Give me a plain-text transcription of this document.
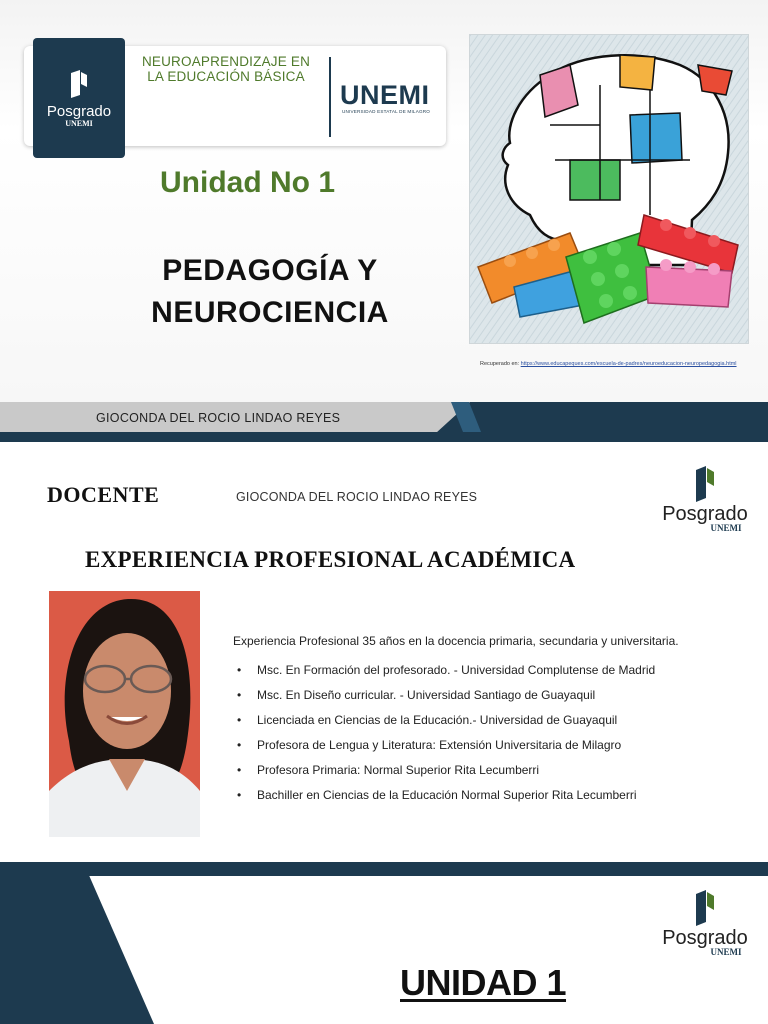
Posgrado
UNEMI
NEUROAPRENDIZAJE EN LA EDUCACIÓN BÁSICA
UNEMI
UNIVERSIDAD ESTATAL DE MILAGRO
Unidad No 1
PEDAGOGÍA Y
NEUROCIENCIA
Recuperado en: https://www.educapeques.com/escuela-de-padres/neuroeducacion-neuropedagogia.html
GIOCONDA DEL ROCIO LINDAO REYES
DOCENTE	GIOCONDA DEL ROCIO LINDAO REYES
Posgrado
UNEMI
EXPERIENCIA PROFESIONAL ACADÉMICA
Experiencia Profesional 35 años en la docencia primaria, secundaria y universitaria.
• Msc. En Formación del profesorado. - Universidad Complutense de Madrid
• Msc. En Diseño curricular. - Universidad Santiago de Guayaquil
• Licenciada en Ciencias de la Educación.- Universidad de Guayaquil
• Profesora de Lengua y Literatura: Extensión Universitaria de Milagro
• Profesora Primaria: Normal Superior Rita Lecumberri
• Bachiller en Ciencias de la Educación Normal Superior Rita Lecumberri
Posgrado
UNEMI
UNIDAD 1
